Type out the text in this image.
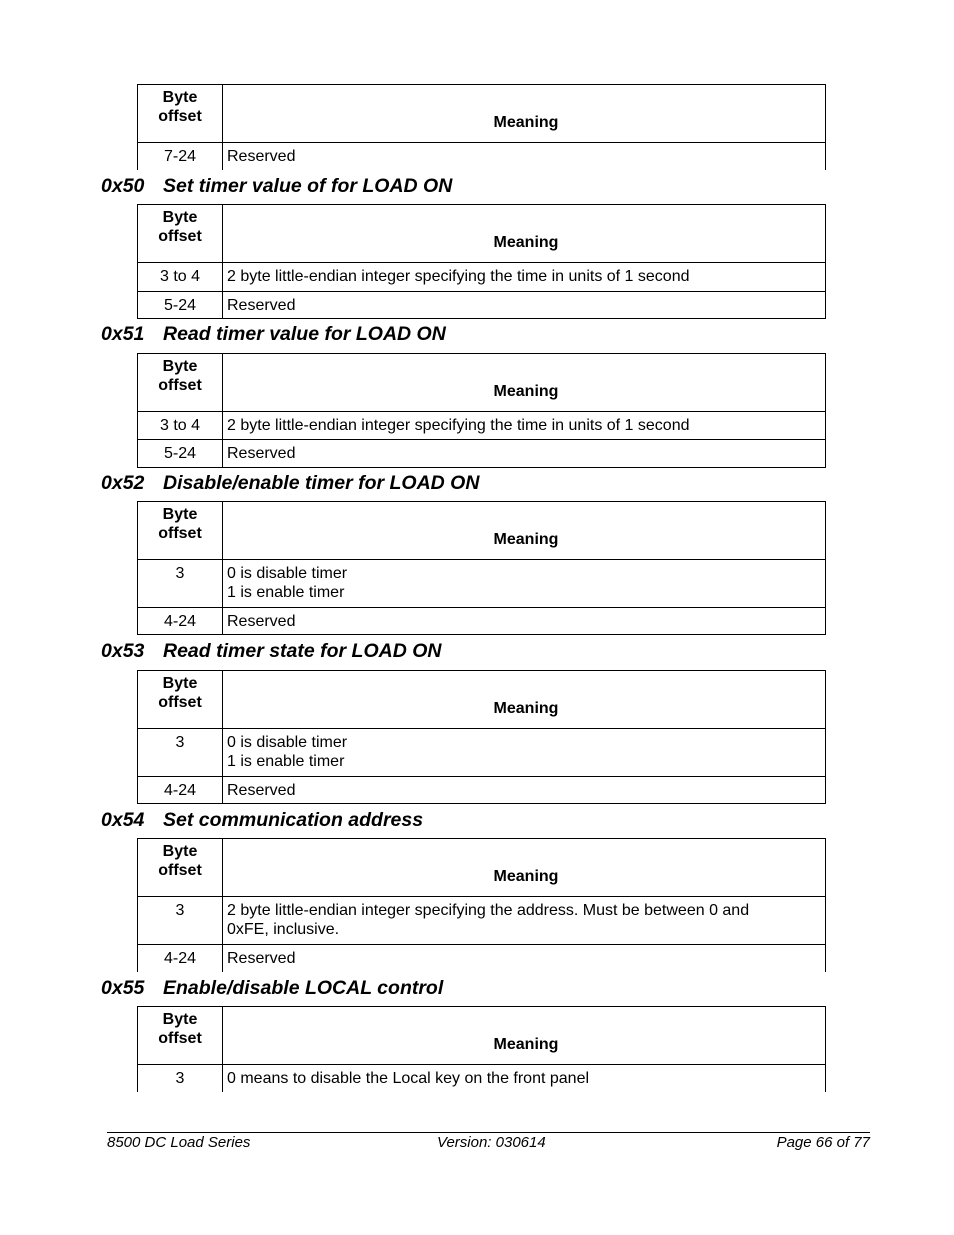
Byte
offset	Meaning
7-24	Reserved
0x50 Set timer value of for LOAD ON
Byte
offset	Meaning
3 to 4	2 byte little-endian integer specifying the time in units of 1 second
5-24	Reserved
0x51 Read timer value for LOAD ON
Byte
offset	Meaning
3 to 4	2 byte little-endian integer specifying the time in units of 1 second
5-24	Reserved
0x52 Disable/enable timer for LOAD ON
Byte
offset	Meaning
3	0 is disable timer
1 is enable timer
4-24	Reserved
0x53 Read timer state for LOAD ON
Byte
offset	Meaning
3	0 is disable timer
1 is enable timer
4-24	Reserved
0x54 Set communication address
Byte
offset	Meaning
3	2 byte little-endian integer specifying the address. Must be between 0 and
0xFE, inclusive.
4-24	Reserved
0x55 Enable/disable LOCAL control
Byte
offset	Meaning
3	0 means to disable the Local key on the front panel
8500 DC Load Series	Version: 030614	Page 66 of 77
